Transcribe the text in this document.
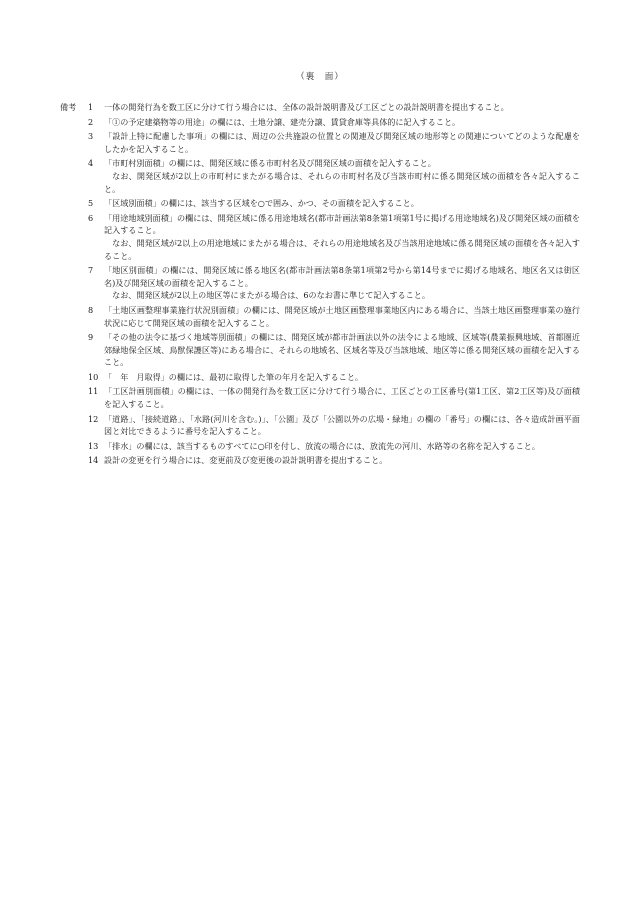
（裏　面）
備考	1	一体の開発行為を数工区に分けて行う場合には、全体の設計説明書及び工区ごとの設計説明書を提出すること。

2	「①の予定建築物等の用途」の欄には、土地分譲、建売分譲、賃貸倉庫等具体的に記入すること。

3	「設計上特に配慮した事項」の欄には、周辺の公共施設の位置との関連及び開発区域の地形等との関連についてどのような配慮をしたかを記入すること。

4	「市町村別面積」の欄には、開発区域に係る市町村名及び開発区域の面積を記入すること。

なお、開発区域が2以上の市町村にまたがる場合は、それらの市町村名及び当該市町村に係る開発区域の面積を各々記入すること。

5	「区域別面積」の欄には、該当する区域を○で囲み、かつ、その面積を記入すること。

6	「用途地域別面積」の欄には、開発区域に係る用途地域名(都市計画法第8条第1項第1号に掲げる用途地域名)及び開発区域の面積を記入すること。

なお、開発区域が2以上の用途地域にまたがる場合は、それらの用途地域名及び当該用途地域に係る開発区域の面積を各々記入すること。

7	「地区別面積」の欄には、開発区域に係る地区名(都市計画法第8条第1項第2号から第14号までに掲げる地域名、地区名又は街区名)及び開発区域の面積を記入すること。

なお、開発区域が2以上の地区等にまたがる場合は、6のなお書に準じて記入すること。

8	「土地区画整理事業施行状況別面積」の欄には、開発区域が土地区画整理事業地区内にある場合に、当該土地区画整理事業の施行状況に応じて開発区域の面積を記入すること。

9	「その他の法令に基づく地域等別面積」の欄には、開発区域が都市計画法以外の法令による地域、区域等(農業振興地域、首都圏近郊緑地保全区域、鳥獣保護区等)にある場合に、それらの地域名、区域名等及び当該地域、地区等に係る開発区域の面積を記入すること。

10 「　年　月取得」の欄には、最初に取得した筆の年月を記入すること。

11 「工区計画別面積」の欄には、一体の開発行為を数工区に分けて行う場合に、工区ごとの工区番号(第1工区、第2工区等)及び面積を記入すること。

12 「道路」、「接続道路」、「水路(河川を含む。)」、「公園」及び「公園以外の広場・緑地」の欄の「番号」の欄には、各々造成計画平面図と対比できるように番号を記入すること。

13 「排水」の欄には、該当するものすべてに○印を付し、放流の場合には、放流先の河川、水路等の名称を記入すること。

14 設計の変更を行う場合には、変更前及び変更後の設計説明書を提出すること。
